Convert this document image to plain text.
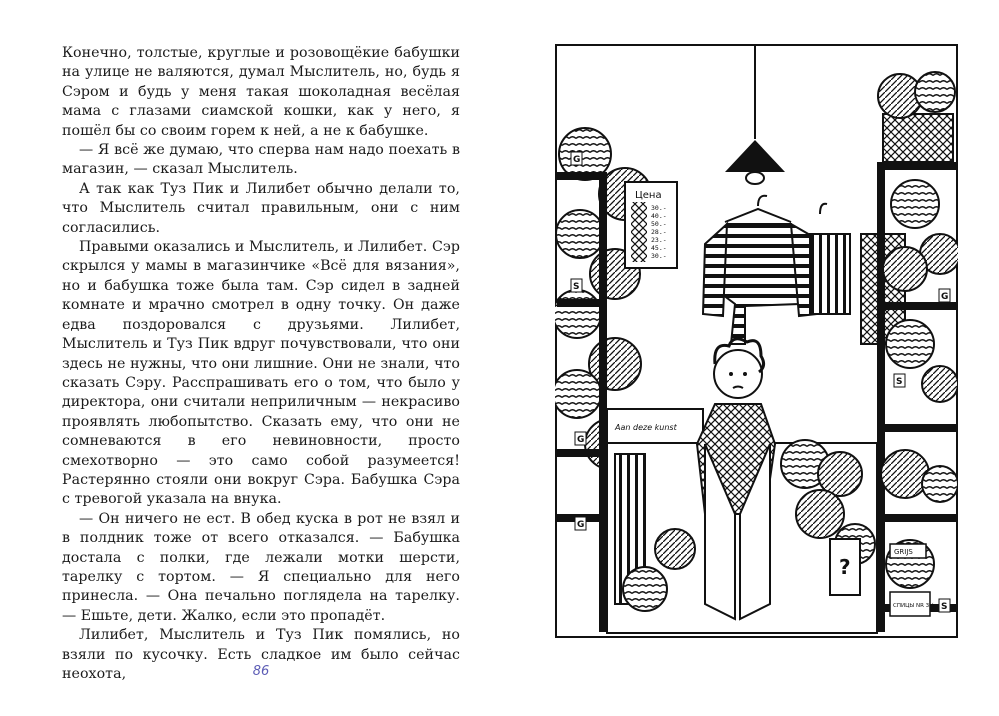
Конечно, толстые, круглые и розовощёкие бабушки на улице не валяются, думал Мыслитель, но, будь я Сэром и будь у меня такая шоколадная весёлая мама с глазами сиамской кошки, как у него, я пошёл бы со своим горем к ней, а не к бабушке.

— Я всё же думаю, что сперва нам надо поехать в магазин, — сказал Мыслитель.

А так как Туз Пик и Лилибет обычно делали то, что Мыслитель считал правильным, они с ним согласились.

Правыми оказались и Мыслитель, и Лилибет. Сэр скрылся у мамы в магазинчике «Всё для вязания», но и бабушка тоже была там. Сэр сидел в задней комнате и мрачно смотрел в одну точку. Он даже едва поздоровался с друзьями. Лилибет, Мыслитель и Туз Пик вдруг почувствовали, что они здесь не нужны, что они лишние. Они не знали, что сказать Сэру. Расспрашивать его о том, что было у директора, они считали неприличным — некрасиво проявлять любопытство. Сказать ему, что они не сомневаются в его невиновности, просто смехотворно — это само собой разумеется! Растерянно стояли они вокруг Сэра. Бабушка Сэра с тревогой указала на внука.

— Он ничего не ест. В обед куска в рот не взял и в полдник тоже от всего отказался. — Бабушка достала с полки, где лежали мотки шерсти, тарелку с тортом. — Я специально для него принесла. — Она печально поглядела на тарелку. — Ешьте, дети. Жалко, если это пропадёт.

Лилибет, Мыслитель и Туз Пик помялись, но взяли по кусочку. Есть сладкое им было сейчас неохота,	86
Цена
30.-
40.-
50.-
28.-
23.-
45.-
30.-
Aan deze kunst
?
GRIJS
СПИЦЫ NR 3½
G
S
G
G
S
G
S
